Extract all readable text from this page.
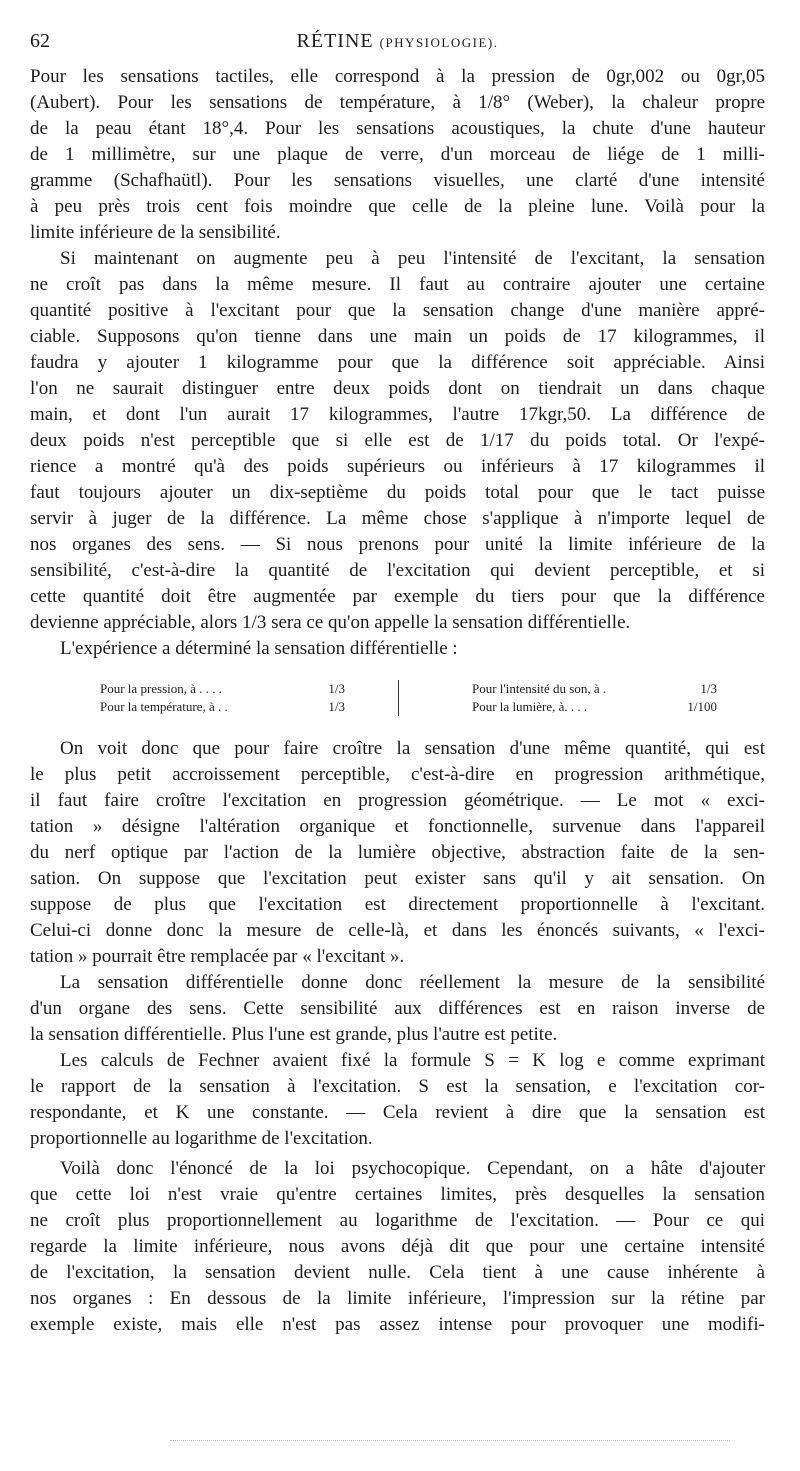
62	RÉTINE (PHYSIOLOGIE).
Pour les sensations tactiles, elle correspond à la pression de 0gr,002 ou 0gr,05
(Aubert). Pour les sensations de température, à 1/8° (Weber), la chaleur propre
de la peau étant 18°,4. Pour les sensations acoustiques, la chute d'une hauteur
de 1 millimètre, sur une plaque de verre, d'un morceau de liége de 1 milli-
gramme (Schafhaütl). Pour les sensations visuelles, une clarté d'une intensité
à peu près trois cent fois moindre que celle de la pleine lune. Voilà pour la
limite inférieure de la sensibilité.
Si maintenant on augmente peu à peu l'intensité de l'excitant, la sensation
ne croît pas dans la même mesure. Il faut au contraire ajouter une certaine
quantité positive à l'excitant pour que la sensation change d'une manière appré-
ciable. Supposons qu'on tienne dans une main un poids de 17 kilogrammes, il
faudra y ajouter 1 kilogramme pour que la différence soit appréciable. Ainsi
l'on ne saurait distinguer entre deux poids dont on tiendrait un dans chaque
main, et dont l'un aurait 17 kilogrammes, l'autre 17kgr,50. La différence de
deux poids n'est perceptible que si elle est de 1/17 du poids total. Or l'expé-
rience a montré qu'à des poids supérieurs ou inférieurs à 17 kilogrammes il
faut toujours ajouter un dix-septième du poids total pour que le tact puisse
servir à juger de la différence. La même chose s'applique à n'importe lequel de
nos organes des sens. — Si nous prenons pour unité la limite inférieure de la
sensibilité, c'est-à-dire la quantité de l'excitation qui devient perceptible, et si
cette quantité doit être augmentée par exemple du tiers pour que la différence
devienne appréciable, alors 1/3 sera ce qu'on appelle la sensation différentielle.
L'expérience a déterminé la sensation différentielle :
Pour la pression, à . . . .	1/3
Pour la température, à . .	1/3
Pour l'intensité du son, à .	1/3
Pour la lumière, à. . . .	1/100
On voit donc que pour faire croître la sensation d'une même quantité, qui est
le plus petit accroissement perceptible, c'est-à-dire en progression arithmétique,
il faut faire croître l'excitation en progression géométrique. — Le mot « exci-
tation » désigne l'altération organique et fonctionnelle, survenue dans l'appareil
du nerf optique par l'action de la lumière objective, abstraction faite de la sen-
sation. On suppose que l'excitation peut exister sans qu'il y ait sensation. On
suppose de plus que l'excitation est directement proportionnelle à l'excitant.
Celui-ci donne donc la mesure de celle-là, et dans les énoncés suivants, « l'exci-
tation » pourrait être remplacée par « l'excitant ».
La sensation différentielle donne donc réellement la mesure de la sensibilité
d'un organe des sens. Cette sensibilité aux différences est en raison inverse de
la sensation différentielle. Plus l'une est grande, plus l'autre est petite.
Les calculs de Fechner avaient fixé la formule S = K log e comme exprimant
le rapport de la sensation à l'excitation. S est la sensation, e l'excitation cor-
respondante, et K une constante. — Cela revient à dire que la sensation est
proportionnelle au logarithme de l'excitation.
Voilà donc l'énoncé de la loi psychocopique. Cependant, on a hâte d'ajouter
que cette loi n'est vraie qu'entre certaines limites, près desquelles la sensation
ne croît plus proportionnellement au logarithme de l'excitation. — Pour ce qui
regarde la limite inférieure, nous avons déjà dit que pour une certaine intensité
de l'excitation, la sensation devient nulle. Cela tient à une cause inhérente à
nos organes : En dessous de la limite inférieure, l'impression sur la rétine par
exemple existe, mais elle n'est pas assez intense pour provoquer une modifi-
